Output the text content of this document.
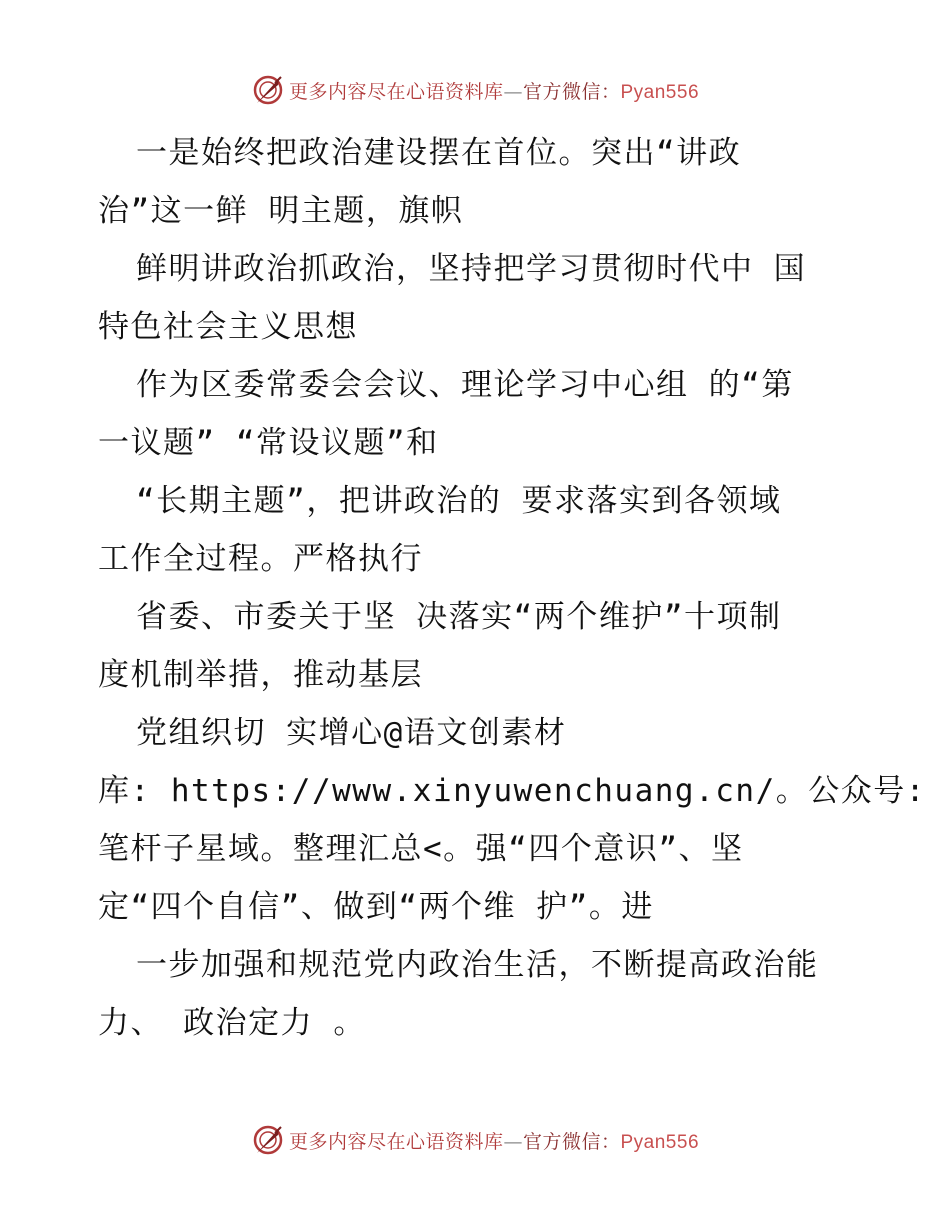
更多内容尽在心语资料库—官方微信：Pyan556
一是始终把政治建设摆在首位。突出“讲政
治”这一鲜 明主题，旗帜
鲜明讲政治抓政治，坚持把学习贯彻时代中 国
特色社会主义思想
作为区委常委会会议、理论学习中心组 的“第
一议题” “常设议题”和
“长期主题”，把讲政治的 要求落实到各领域
工作全过程。严格执行
省委、市委关于坚 决落实“两个维护”十项制
度机制举措，推动基层
党组织切 实增心@语文创素材
库: https://www.xinyuwenchuang.cn/。公众号:
笔杆子星域。整理汇总<。强“四个意识”、坚
定“四个自信”、做到“两个维 护”。进
一步加强和规范党内政治生活，不断提高政治能
力、 政治定力 。
更多内容尽在心语资料库—官方微信：Pyan556
